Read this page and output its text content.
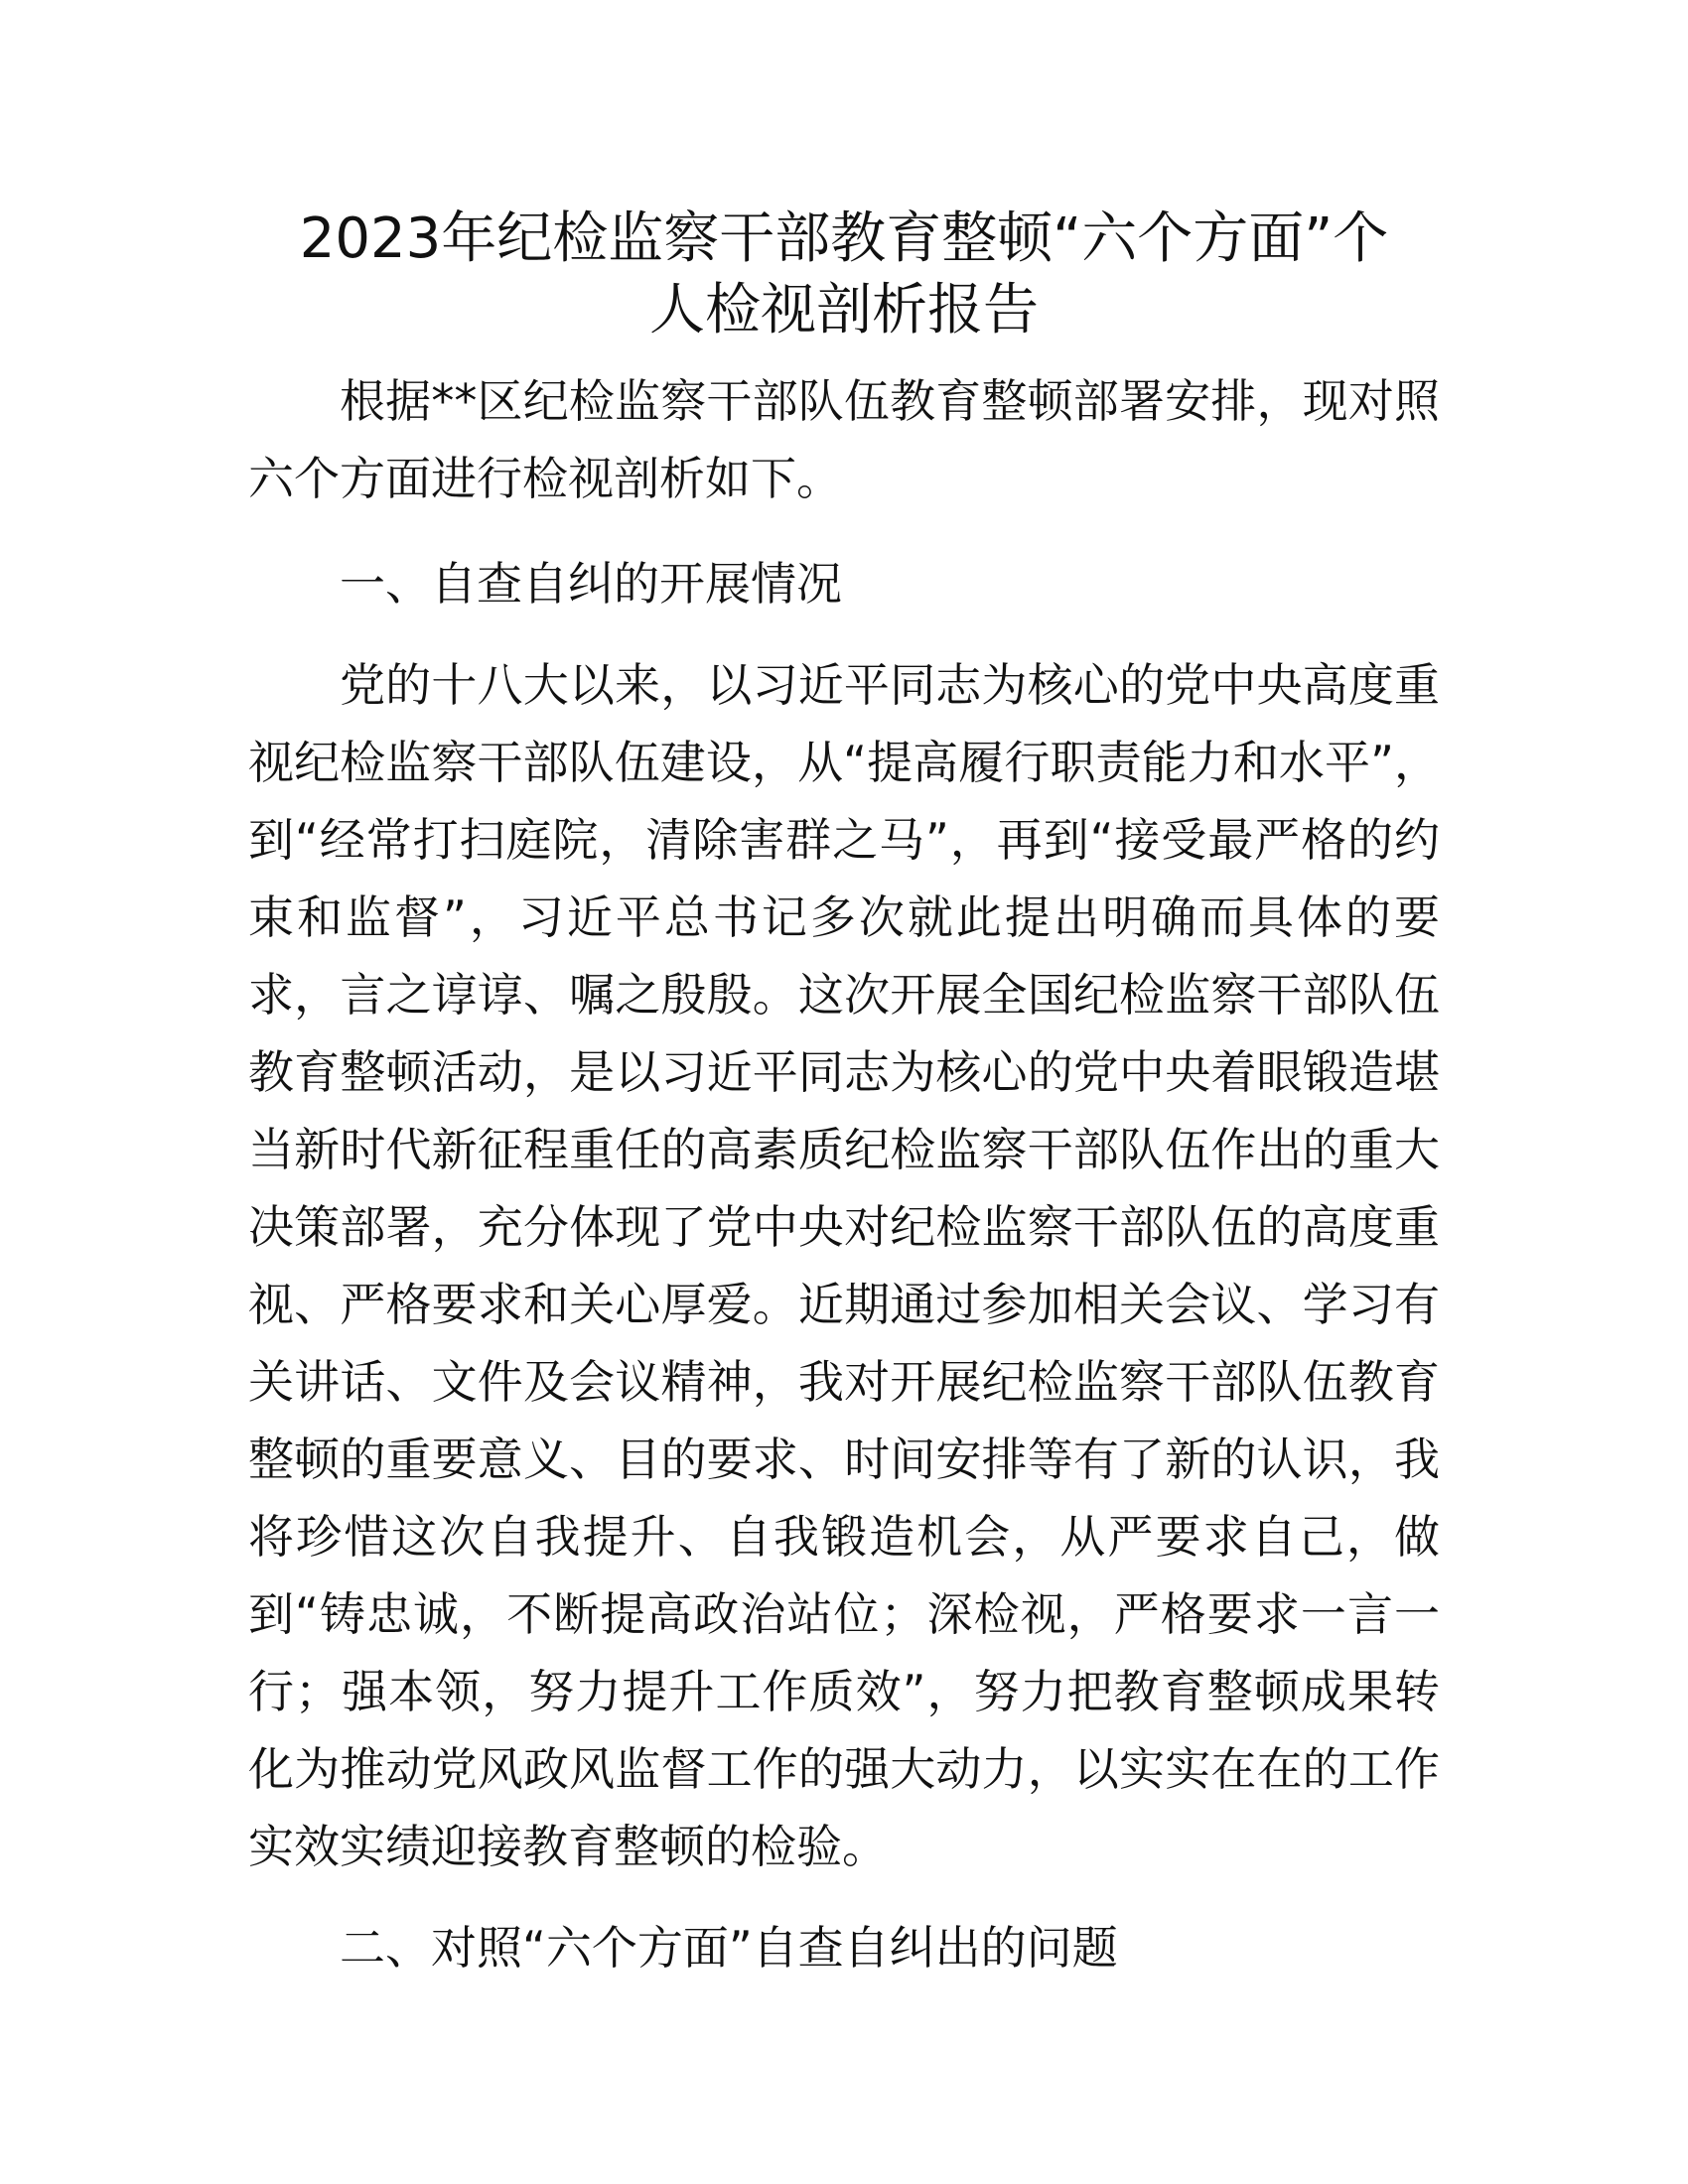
2023年纪检监察干部教育整顿“六个方面”个
人检视剖析报告

根据**区纪检监察干部队伍教育整顿部署安排，现对照六个方面进行检视剖析如下。

一、自查自纠的开展情况

党的十八大以来，以习近平同志为核心的党中央高度重视纪检监察干部队伍建设，从“提高履行职责能力和水平”，到“经常打扫庭院，清除害群之马”，再到“接受最严格的约束和监督”，习近平总书记多次就此提出明确而具体的要求，言之谆谆、嘱之殷殷。这次开展全国纪检监察干部队伍教育整顿活动，是以习近平同志为核心的党中央着眼锻造堪当新时代新征程重任的高素质纪检监察干部队伍作出的重大决策部署，充分体现了党中央对纪检监察干部队伍的高度重视、严格要求和关心厚爱。近期通过参加相关会议、学习有关讲话、文件及会议精神，我对开展纪检监察干部队伍教育整顿的重要意义、目的要求、时间安排等有了新的认识，我将珍惜这次自我提升、自我锻造机会，从严要求自己，做到“铸忠诚，不断提高政治站位；深检视，严格要求一言一行；强本领，努力提升工作质效”，努力把教育整顿成果转化为推动党风政风监督工作的强大动力，以实实在在的工作实效实绩迎接教育整顿的检验。

二、对照“六个方面”自查自纠出的问题
